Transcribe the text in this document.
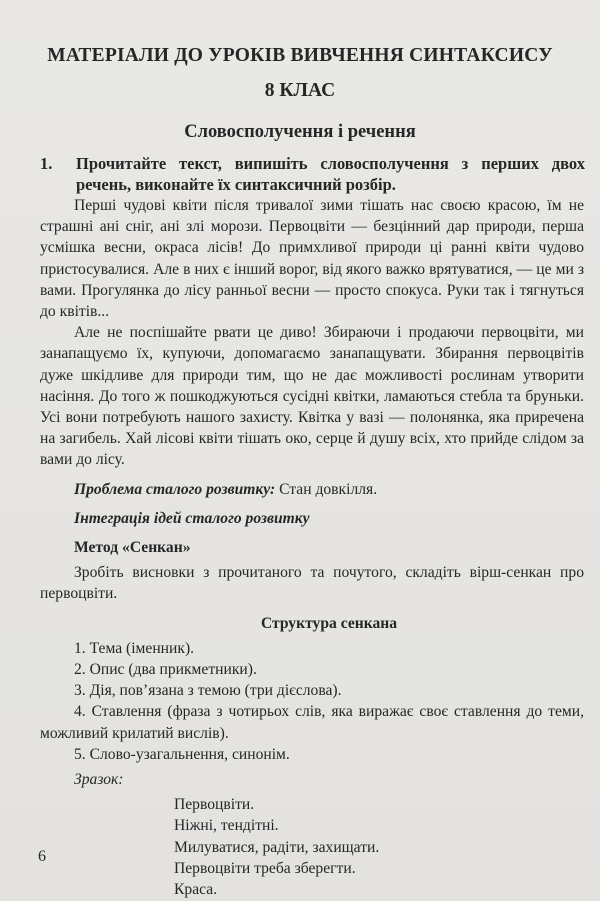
МАТЕРІАЛИ ДО УРОКІВ ВИВЧЕННЯ СИНТАКСИСУ
8 КЛАС
Словосполучення і речення
1.	Прочитайте текст, випишіть словосполучення з перших двох речень, виконайте їх синтаксичний розбір.

Перші чудові квіти після тривалої зими тішать нас своєю красою, їм не страшні ані сніг, ані злі морози. Первоцвіти — безцінний дар природи, перша усмішка весни, окраса лісів! До примхливої природи ці ранні квіти чудово пристосувалися. Але в них є інший ворог, від якого важко врятуватися, — це ми з вами. Прогулянка до лісу ранньої весни — просто спокуса. Руки так і тягнуться до квітів...

Але не поспішайте рвати це диво! Збираючи і продаючи первоцвіти, ми занапащуємо їх, купуючи, допомагаємо занапащувати. Збирання первоцвітів дуже шкідливе для природи тим, що не дає можливості рослинам утворити насіння. До того ж пошкоджуються сусідні квітки, ламаються стебла та бруньки. Усі вони потребують нашого захисту. Квітка у вазі — полонянка, яка приречена на загибель. Хай лісові квіти тішать око, серце й душу всіх, хто прийде слідом за вами до лісу.

Проблема сталого розвитку: Стан довкілля.

Інтеграція ідей сталого розвитку
Метод «Сенкан»

Зробіть висновки з прочитаного та почутого, складіть вірш-сенкан про первоцвіти.

Структура сенкана
1. Тема (іменник).
2. Опис (два прикметники).
3. Дія, пов’язана з темою (три дієслова).
4. Ставлення (фраза з чотирьох слів, яка виражає своє ставлення до теми, можливий крилатий вислів).
5. Слово-узагальнення, синонім.
Зразок:
Первоцвіти.
Ніжні, тендітні.
Милуватися, радіти, захищати.
Первоцвіти треба зберегти.
Краса.
6
